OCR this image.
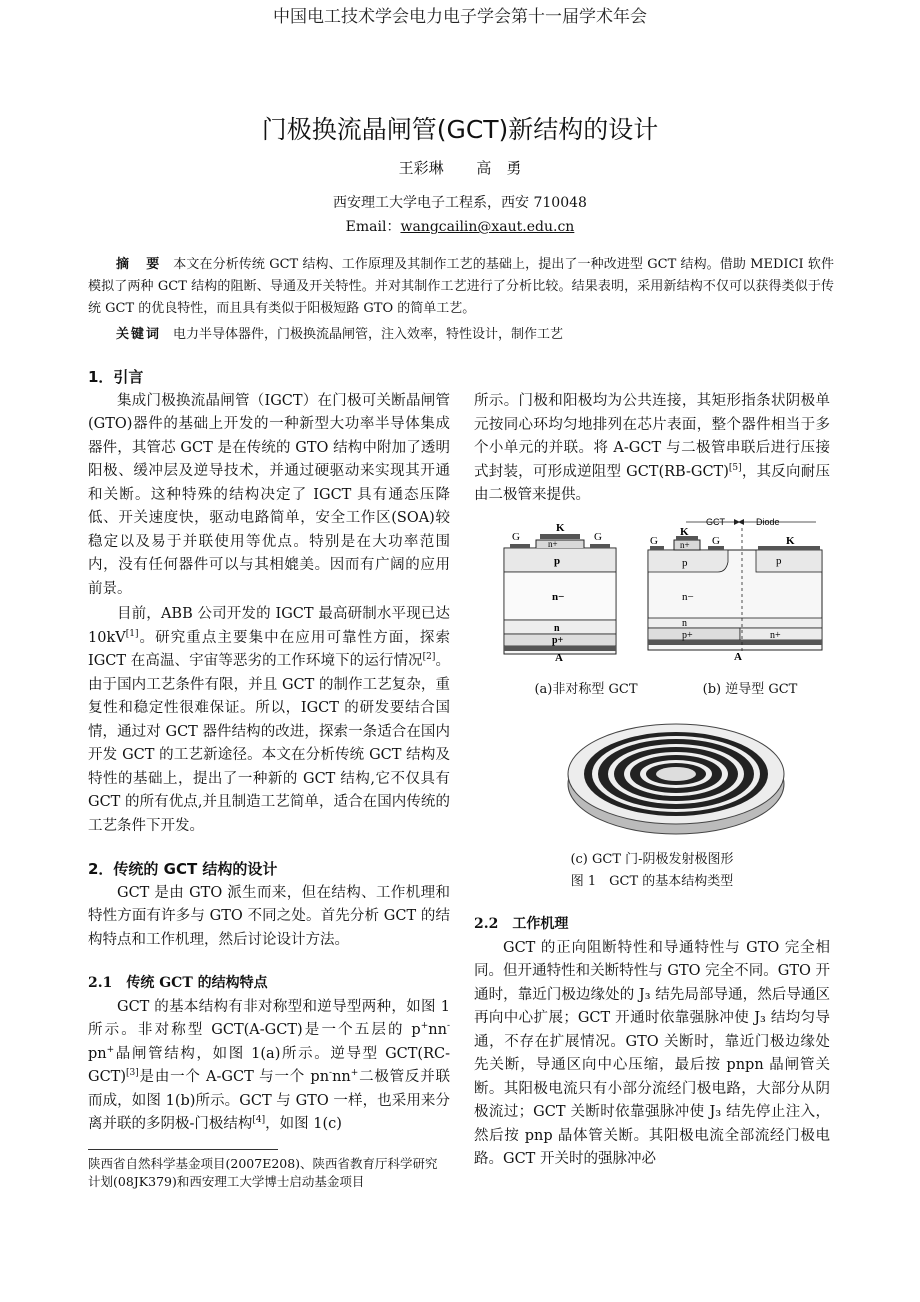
中国电工技术学会电力电子学会第十一届学术年会
门极换流晶闸管(GCT)新结构的设计
王彩琳 高　勇
西安理工大学电子工程系，西安 710048
Email：wangcailin@xaut.edu.cn
摘　要 本文在分析传统 GCT 结构、工作原理及其制作工艺的基础上，提出了一种改进型 GCT 结构。借助 MEDICI 软件模拟了两种 GCT 结构的阻断、导通及开关特性。并对其制作工艺进行了分析比较。结果表明，采用新结构不仅可以获得类似于传统 GCT 的优良特性，而且具有类似于阳极短路 GTO 的简单工艺。
关键词 电力半导体器件，门极换流晶闸管，注入效率，特性设计，制作工艺
1．引言

集成门极换流晶闸管（IGCT）在门极可关断晶闸管(GTO)器件的基础上开发的一种新型大功率半导体集成器件，其管芯 GCT 是在传统的 GTO 结构中附加了透明阳极、缓冲层及逆导技术，并通过硬驱动来实现其开通和关断。这种特殊的结构决定了 IGCT 具有通态压降低、开关速度快，驱动电路简单，安全工作区(SOA)较稳定以及易于并联使用等优点。特别是在大功率范围内，没有任何器件可以与其相媲美。因而有广阔的应用前景。

目前，ABB 公司开发的 IGCT 最高研制水平现已达 10kV[1]。研究重点主要集中在应用可靠性方面，探索 IGCT 在高温、宇宙等恶劣的工作环境下的运行情况[2]。由于国内工艺条件有限，并且 GCT 的制作工艺复杂，重复性和稳定性很难保证。所以，IGCT 的研发要结合国情，通过对 GCT 器件结构的改进，探索一条适合在国内开发 GCT 的工艺新途径。本文在分析传统 GCT 结构及特性的基础上，提出了一种新的 GCT 结构,它不仅具有 GCT 的所有优点,并且制造工艺简单，适合在国内传统的工艺条件下开发。

2．传统的 GCT 结构的设计

GCT 是由 GTO 派生而来，但在结构、工作机理和特性方面有许多与 GTO 不同之处。首先分析 GCT 的结构特点和工作机理，然后讨论设计方法。

2.1　传统 GCT 的结构特点

GCT 的基本结构有非对称型和逆导型两种，如图 1 所示。非对称型 GCT(A-GCT)是一个五层的 p+nn-pn+晶闸管结构，如图 1(a)所示。逆导型 GCT(RC-GCT)[3]是由一个 A-GCT 与一个 pn-nn+二极管反并联而成，如图 1(b)所示。GCT 与 GTO 一样，也采用来分离并联的多阴极-门极结构[4]，如图 1(c)

陕西省自然科学基金项目(2007E208)、陕西省教育厅科学研究计划(08JK379)和西安理工大学博士启动基金项目

所示。门极和阳极均为公共连接，其矩形指条状阴极单元按同心环均匀地排列在芯片表面，整个器件相当于多个小单元的并联。将 A-GCT 与二极管串联后进行压接式封装，可形成逆阻型 GCT(RB-GCT)[5]，其反向耐压由二极管来提供。

G
K
n+
G
p
n−
n
p+
A
GCT	Diode
G
K
n+ G	K
p	p
n−
n
p+	n+
A
(a)非对称型 GCT	(b) 逆导型 GCT
(c) GCT 门-阴极发射极图形
图 1　GCT 的基本结构类型
2.2　工作机理

GCT 的正向阻断特性和导通特性与 GTO 完全相同。但开通特性和关断特性与 GTO 完全不同。GTO 开通时，靠近门极边缘处的 J₃ 结先局部导通，然后导通区再向中心扩展；GCT 开通时依靠强脉冲使 J₃ 结均匀导通，不存在扩展情况。GTO 关断时，靠近门极边缘处先关断，导通区向中心压缩，最后按 pnpn 晶闸管关断。其阳极电流只有小部分流经门极电路，大部分从阴极流过；GCT 关断时依靠强脉冲使 J₃ 结先停止注入，然后按 pnp 晶体管关断。其阳极电流全部流经门极电路。GCT 开关时的强脉冲必
